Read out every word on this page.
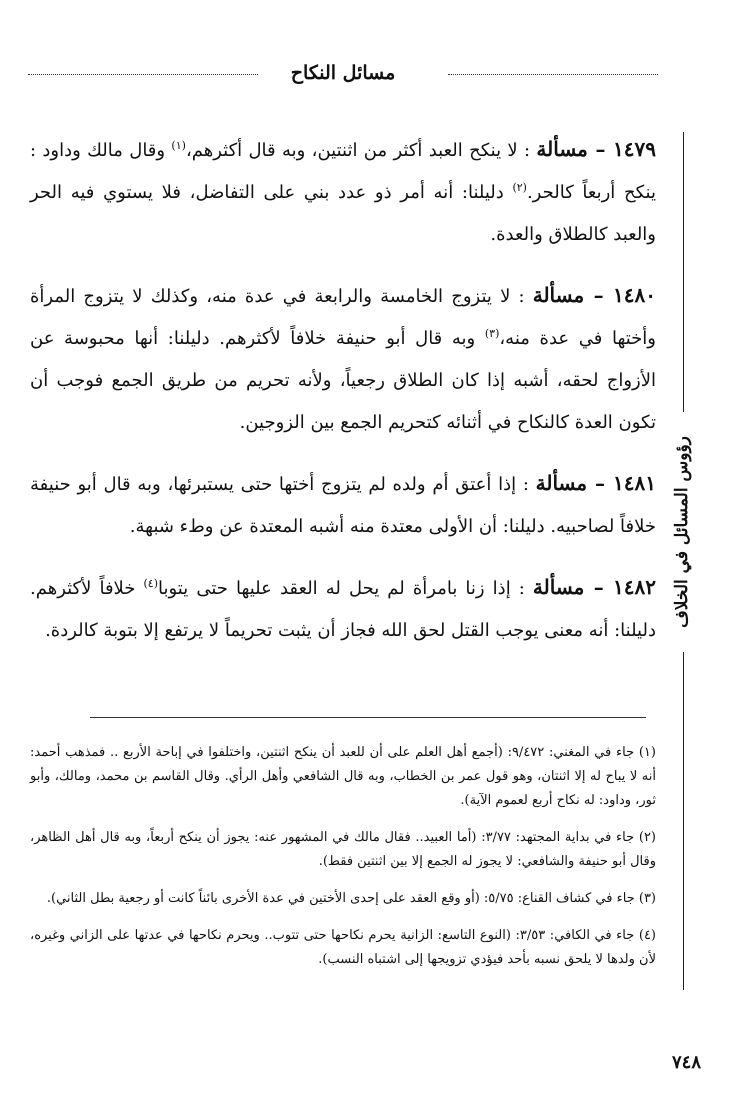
مسائل النكاح
رؤوس المسائل في الخلاف

١٤٧٩ – مسألة : لا ينكح العبد أكثر من اثنتين، وبه قال أكثرهم،$^{(١)}$ وقال مالك وداود : ينكح أربعاً كالحر.$^{(٢)}$ دليلنا: أنه أمر ذو عدد بني على التفاضل، فلا يستوي فيه الحر والعبد كالطلاق والعدة.

١٤٨٠ – مسألة : لا يتزوج الخامسة والرابعة في عدة منه، وكذلك لا يتزوج المرأة وأختها في عدة منه،$^{(٣)}$ وبه قال أبو حنيفة خلافاً لأكثرهم. دليلنا: أنها محبوسة عن الأزواج لحقه، أشبه إذا كان الطلاق رجعياً، ولأنه تحريم من طريق الجمع فوجب أن تكون العدة كالنكاح في أثنائه كتحريم الجمع بين الزوجين.

١٤٨١ – مسألة : إذا أعتق أم ولده لم يتزوج أختها حتى يستبرئها، وبه قال أبو حنيفة خلافاً لصاحبيه. دليلنا: أن الأولى معتدة منه أشبه المعتدة عن وطء شبهة.

١٤٨٢ – مسألة : إذا زنا بامرأة لم يحل له العقد عليها حتى يتوبا$^{(٤)}$ خلافاً لأكثرهم. دليلنا: أنه معنى يوجب القتل لحق الله فجاز أن يثبت تحريماً لا يرتفع إلا بتوبة كالردة.

(١) جاء في المغني: ٩/٤٧٢: (أجمع أهل العلم على أن للعبد أن ينكح اثنتين، واختلفوا في إباحة الأربع .. فمذهب أحمد: أنه لا يباح له إلا اثنتان، وهو قول عمر بن الخطاب، وبه قال الشافعي وأهل الرأي. وقال القاسم بن محمد، ومالك، وأبو ثور، وداود: له نكاح أربع لعموم الآية).

(٢) جاء في بداية المجتهد: ٣/٧٧: (أما العبيد.. فقال مالك في المشهور عنه: يجوز أن ينكح أربعاً، وبه قال أهل الظاهر، وقال أبو حنيفة والشافعي: لا يجوز له الجمع إلا بين اثنتين فقط).

(٣) جاء في كشاف القناع: ٥/٧٥: (أو وقع العقد على إحدى الأختين في عدة الأخرى بائناً كانت أو رجعية بطل الثاني).

(٤) جاء في الكافي: ٣/٥٣: (النوع التاسع: الزانية يحرم نكاحها حتى تتوب.. ويحرم نكاحها في عدتها على الزاني وغيره، لأن ولدها لا يلحق نسبه بأحد فيؤدي تزويجها إلى اشتباه النسب).

٧٤٨
